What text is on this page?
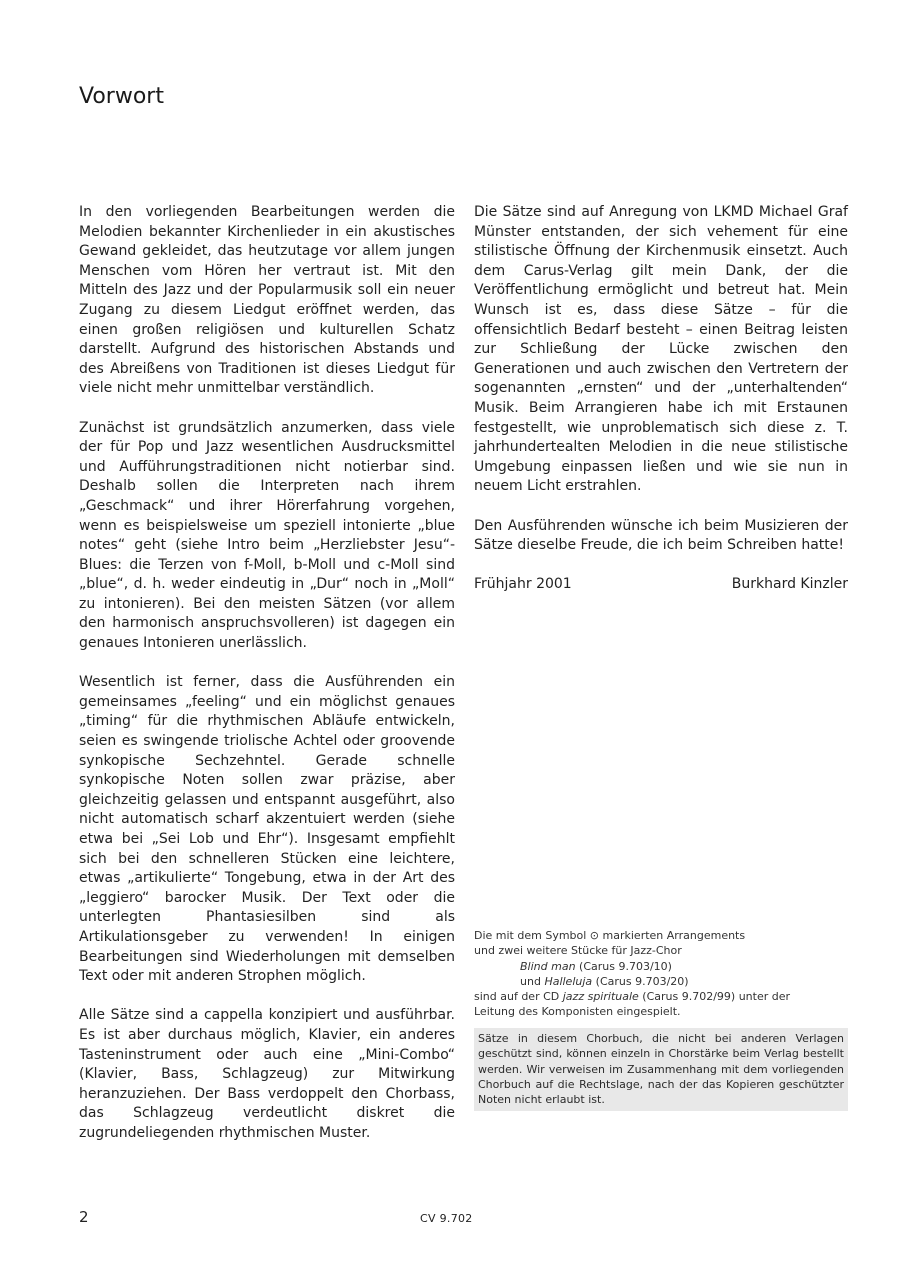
Vorwort

In den vorliegenden Bearbeitungen werden die Melodien bekannter Kirchenlieder in ein akustisches Gewand gekleidet, das heutzutage vor allem jungen Menschen vom Hören her vertraut ist. Mit den Mitteln des Jazz und der Popularmusik soll ein neuer Zugang zu diesem Liedgut eröffnet werden, das einen großen religiösen und kulturellen Schatz darstellt. Aufgrund des historischen Abstands und des Abreißens von Traditionen ist dieses Liedgut für viele nicht mehr unmittelbar verständlich.

Zunächst ist grundsätzlich anzumerken, dass viele der für Pop und Jazz wesentlichen Ausdrucksmittel und Aufführungstraditionen nicht notierbar sind. Deshalb sollen die Interpreten nach ihrem „Geschmack“ und ihrer Hörerfahrung vorgehen, wenn es beispielsweise um speziell intonierte „blue notes“ geht (siehe Intro beim „Herzliebster Jesu“-Blues: die Terzen von f-Moll, b-Moll und c-Moll sind „blue“, d. h. weder eindeutig in „Dur“ noch in „Moll“ zu intonieren). Bei den meisten Sätzen (vor allem den harmonisch anspruchsvolleren) ist dagegen ein genaues Intonieren unerlässlich.

Wesentlich ist ferner, dass die Ausführenden ein gemeinsames „feeling“ und ein möglichst genaues „timing“ für die rhythmischen Abläufe entwickeln, seien es swingende triolische Achtel oder groovende synkopische Sechzehntel. Gerade schnelle synkopische Noten sollen zwar präzise, aber gleichzeitig gelassen und entspannt ausgeführt, also nicht automatisch scharf akzentuiert werden (siehe etwa bei „Sei Lob und Ehr“). Insgesamt empfiehlt sich bei den schnelleren Stücken eine leichtere, etwas „artikulierte“ Tongebung, etwa in der Art des „leggiero“ barocker Musik. Der Text oder die unterlegten Phantasiesilben sind als Artikulationsgeber zu verwenden! In einigen Bearbeitungen sind Wiederholungen mit demselben Text oder mit anderen Strophen möglich.

Alle Sätze sind a cappella konzipiert und ausführbar. Es ist aber durchaus möglich, Klavier, ein anderes Tasteninstrument oder auch eine „Mini-Combo“ (Klavier, Bass, Schlagzeug) zur Mitwirkung heranzuziehen. Der Bass verdoppelt den Chorbass, das Schlagzeug verdeutlicht diskret die zugrundeliegenden rhythmischen Muster.

Die Sätze sind auf Anregung von LKMD Michael Graf Münster entstanden, der sich vehement für eine stilistische Öffnung der Kirchenmusik einsetzt. Auch dem Carus-Verlag gilt mein Dank, der die Veröffentlichung ermöglicht und betreut hat. Mein Wunsch ist es, dass diese Sätze – für die offensichtlich Bedarf besteht – einen Beitrag leisten zur Schließung der Lücke zwischen den Generationen und auch zwischen den Vertretern der sogenannten „ernsten“ und der „unterhaltenden“ Musik. Beim Arrangieren habe ich mit Erstaunen festgestellt, wie unproblematisch sich diese z. T. jahrhundertealten Melodien in die neue stilistische Umgebung einpassen ließen und wie sie nun in neuem Licht erstrahlen.

Den Ausführenden wünsche ich beim Musizieren der Sätze dieselbe Freude, die ich beim Schreiben hatte!

Frühjahr 2001	Burkhard Kinzler
Die mit dem Symbol ⊙ markierten Arrangements
und zwei weitere Stücke für Jazz-Chor
Blind man (Carus 9.703/10)
und Halleluja (Carus 9.703/20)
sind auf der CD jazz spirituale (Carus 9.702/99) unter der
Leitung des Komponisten eingespielt.
Sätze in diesem Chorbuch, die nicht bei anderen Verlagen geschützt sind, können einzeln in Chorstärke beim Verlag bestellt werden. Wir verweisen im Zusammenhang mit dem vorliegenden Chorbuch auf die Rechtslage, nach der das Kopieren geschützter Noten nicht erlaubt ist.
2	CV 9.702
